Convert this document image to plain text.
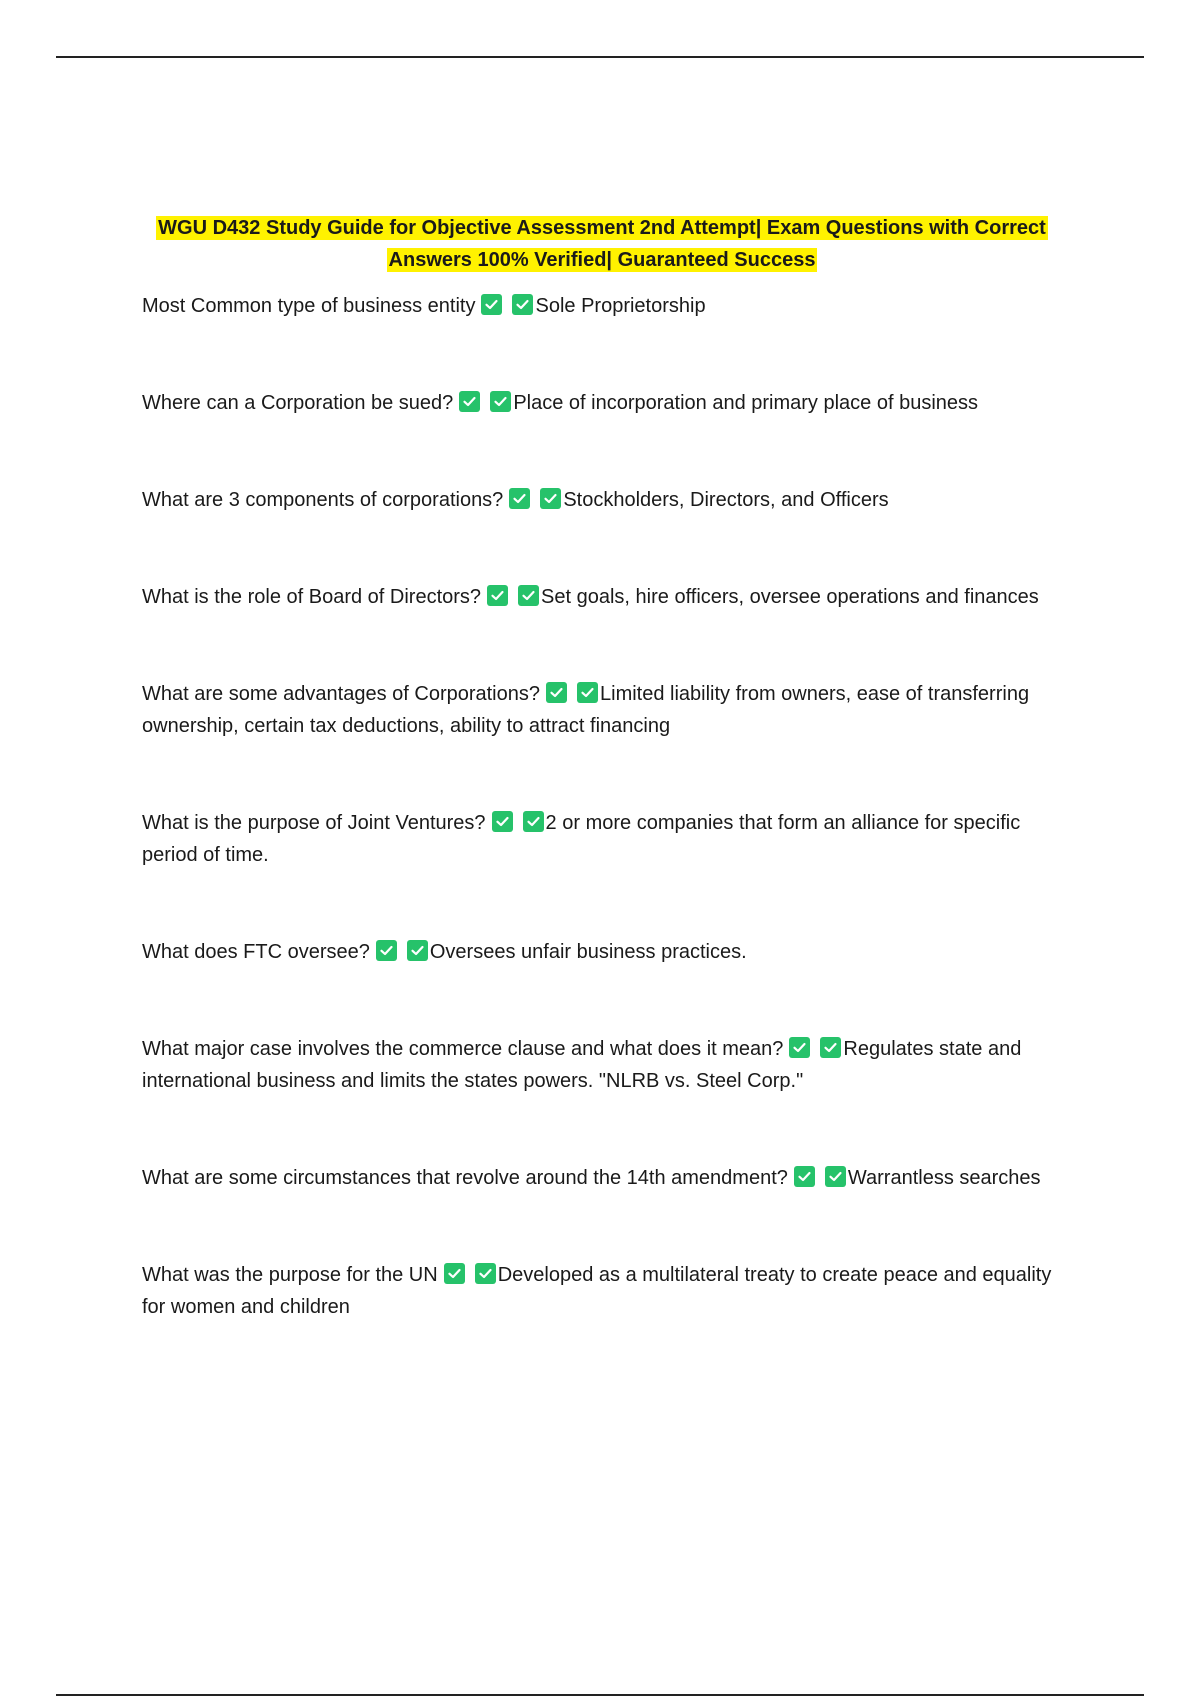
WGU D432 Study Guide for Objective Assessment 2nd Attempt| Exam Questions with Correct
Answers 100% Verified| Guaranteed Success
Most Common type of business entity	Sole Proprietorship
Where can a Corporation be sued?	Place of incorporation and primary place of business
What are 3 components of corporations?	Stockholders, Directors, and Officers
What is the role of Board of Directors?	Set goals, hire officers, oversee operations and finances
What are some advantages of Corporations?	Limited liability from owners, ease of transferring ownership, certain tax deductions, ability to attract financing
What is the purpose of Joint Ventures?	2 or more companies that form an alliance for specific period of time.
What does FTC oversee?	Oversees unfair business practices.
What major case involves the commerce clause and what does it mean?	Regulates state and international business and limits the states powers. "NLRB vs. Steel Corp."
What are some circumstances that revolve around the 14th amendment?	Warrantless searches
What was the purpose for the UN	Developed as a multilateral treaty to create peace and equality for women and children
